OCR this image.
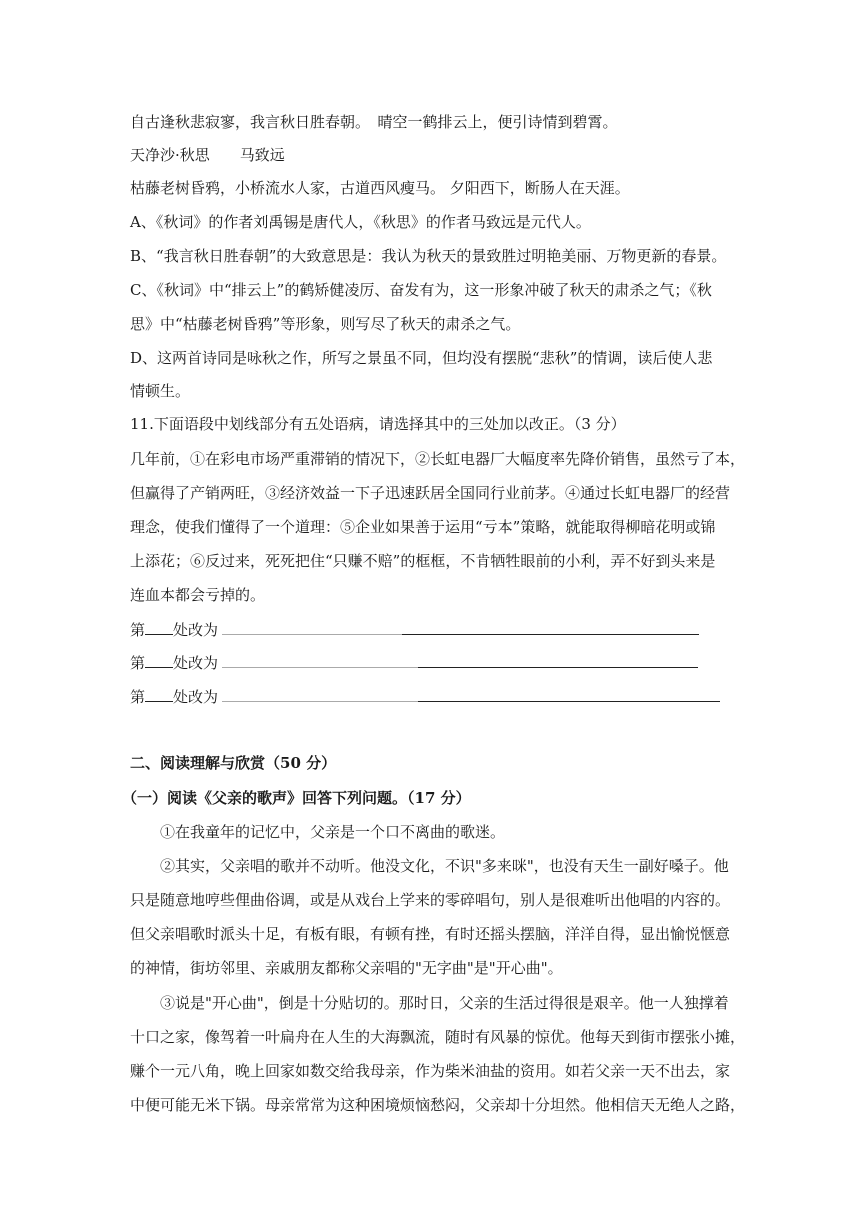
自古逢秋悲寂寥，我言秋日胜春朝。　晴空一鹤排云上，便引诗情到碧霄。
天净沙·秋思　　马致远
枯藤老树昏鸦，小桥流水人家，古道西风瘦马。 夕阳西下，断肠人在天涯。
A、《秋词》的作者刘禹锡是唐代人，《秋思》的作者马致远是元代人。
B、“我言秋日胜春朝”的大致意思是：我认为秋天的景致胜过明艳美丽、万物更新的春景。
C、《秋词》中“排云上”的鹤矫健凌厉、奋发有为，这一形象冲破了秋天的肃杀之气；《秋
思》中“枯藤老树昏鸦”等形象，则写尽了秋天的肃杀之气。
D、这两首诗同是咏秋之作，所写之景虽不同，但均没有摆脱“悲秋”的情调，读后使人悲
情顿生。
11.下面语段中划线部分有五处语病，请选择其中的三处加以改正。（3 分）
几年前，①在彩电市场严重滞销的情况下，②长虹电器厂大幅度率先降价销售，虽然亏了本，
但赢得了产销两旺，③经济效益一下子迅速跃居全国同行业前茅。④通过长虹电器厂的经营
理念，使我们懂得了一个道理：⑤企业如果善于运用“亏本”策略，就能取得柳暗花明或锦
上添花；⑥反过来，死死把住“只赚不赔”的框框，不肯牺牲眼前的小利，弄不好到头来是
连血本都会亏掉的。
第 处改为
第 处改为
第 处改为
二、阅读理解与欣赏（50 分）
（一）阅读《父亲的歌声》回答下列问题。（17 分）
①在我童年的记忆中，父亲是一个口不离曲的歌迷。
②其实，父亲唱的歌并不动听。他没文化，不识"多来咪"，也没有天生一副好嗓子。他
只是随意地哼些俚曲俗调，或是从戏台上学来的零碎唱句，别人是很难听出他唱的内容的。
但父亲唱歌时派头十足，有板有眼，有顿有挫，有时还摇头摆脑，洋洋自得，显出愉悦惬意
的神情，街坊邻里、亲戚朋友都称父亲唱的"无字曲"是"开心曲"。
③说是"开心曲"，倒是十分贴切的。那时日，父亲的生活过得很是艰辛。他一人独撑着
十口之家，像驾着一叶扁舟在人生的大海飘流，随时有风暴的惊优。他每天到街市摆张小摊，
赚个一元八角，晚上回家如数交给我母亲，作为柴米油盐的资用。如若父亲一天不出去，家
中便可能无米下锅。母亲常常为这种困境烦恼愁闷，父亲却十分坦然。他相信天无绝人之路，
